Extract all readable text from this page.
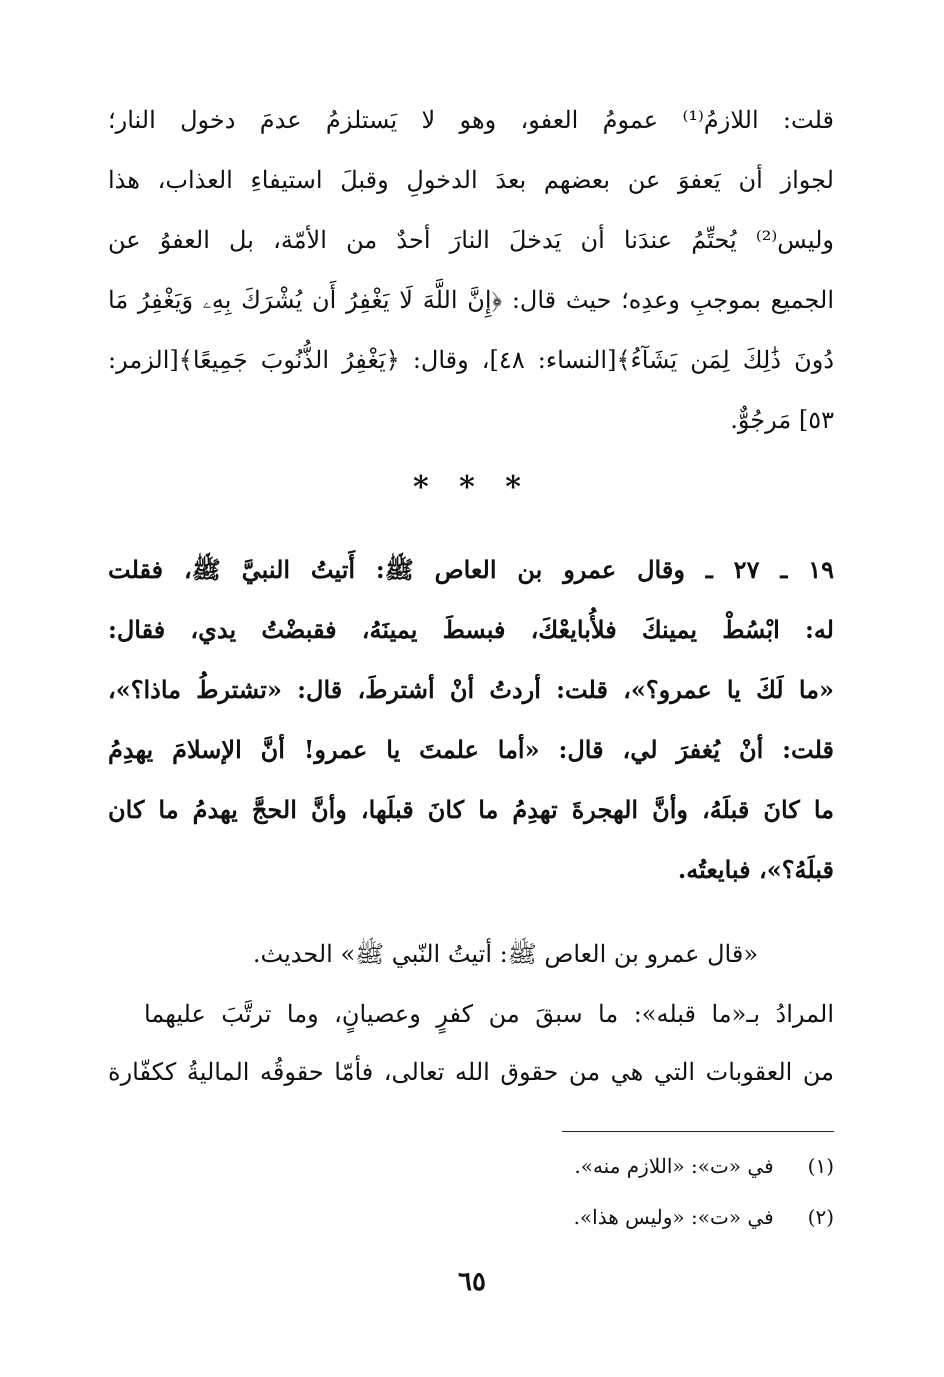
قلت: اللازمُ⁽¹⁾ عمومُ العفو، وهو لا يَستلزمُ عدمَ دخول النار؛
لجواز أن يَعفوَ عن بعضهم بعدَ الدخولِ وقبلَ استيفاءِ العذاب، هذا
وليس⁽²⁾ يُحتِّمُ عندَنا أن يَدخلَ النارَ أحدٌ من الأمّة، بل العفوُ عن
الجميع بموجبِ وعدِه؛ حيث قال: ﴿إِنَّ اللَّهَ لَا يَغْفِرُ أَن يُشْرَكَ بِهِۦ وَيَغْفِرُ مَا
دُونَ ذَٰلِكَ لِمَن يَشَآءُ﴾[النساء: ٤٨]، وقال: ﴿يَغْفِرُ الذُّنُوبَ جَمِيعًا﴾[الزمر:
٥٣] مَرجُوٌّ.
* * *
١٩ ـ ٢٧ ـ وقال عمرو بن العاص ﷺ: أَتيتُ النبيَّ ﷺ، فقلت
له: ابْسُطْ يمينكَ فلأُبايعْكَ، فبسطَ يمينَهُ، فقبضْتُ يدي، فقال:
«ما لَكَ يا عمرو؟»، قلت: أردتُ أنْ أشترطَ، قال: «تشترطُ ماذا؟»،
قلت: أنْ يُغفرَ لي، قال: «أما علمتَ يا عمرو! أنَّ الإسلامَ يهدِمُ
ما كانَ قبلَهُ، وأنَّ الهجرةَ تهدِمُ ما كانَ قبلَها، وأنَّ الحجَّ يهدمُ ما كان
قبلَهُ؟»، فبايعتُه.
«قال عمرو بن العاص ﷺ: أتيتُ النّبي ﷺ» الحديث.
المرادُ بـ«ما قبله»: ما سبقَ من كفرٍ وعصيانٍ، وما ترتَّبَ عليهما
من العقوبات التي هي من حقوق الله تعالى، فأمّا حقوقُه الماليةُ ككفّارة
(١) في «ت»: «اللازم منه».
(٢) في «ت»: «وليس هذا».
٦٥
